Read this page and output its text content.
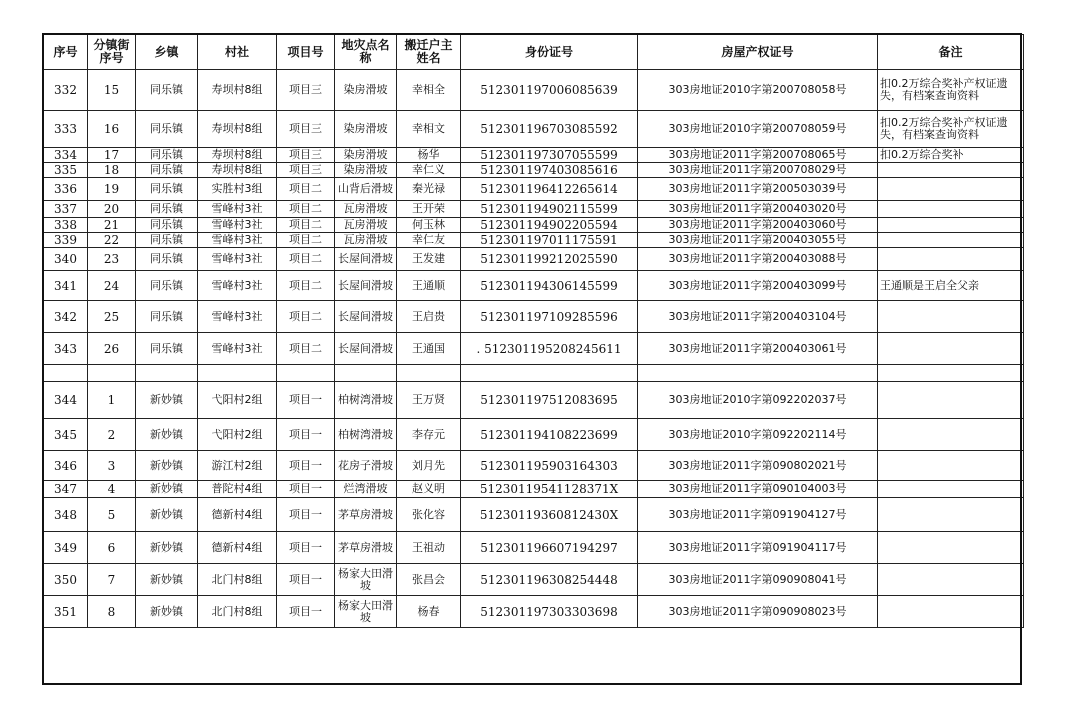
序号	分镇街序号	乡镇	村社	项目号	地灾点名称	搬迁户主姓名	身份证号	房屋产权证号	备注
332	15	同乐镇	寿坝村8组	项目三	染房滑坡	幸相全	512301197006085639	303房地证2010字第200708058号	扣0.2万综合奖补产权证遗失，有档案查询资料
333	16	同乐镇	寿坝村8组	项目三	染房滑坡	幸相文	512301196703085592	303房地证2010字第200708059号	扣0.2万综合奖补产权证遗失，有档案查询资料
334	17	同乐镇	寿坝村8组	项目三	染房滑坡	杨华	512301197307055599	303房地证2011字第200708065号	扣0.2万综合奖补
335	18	同乐镇	寿坝村8组	项目三	染房滑坡	幸仁义	512301197403085616	303房地证2011字第200708029号	
336	19	同乐镇	实胜村3组	项目二	山背后滑坡	秦光禄	512301196412265614	303房地证2011字第200503039号	
337	20	同乐镇	雪峰村3社	项目二	瓦房滑坡	王开荣	512301194902115599	303房地证2011字第200403020号	
338	21	同乐镇	雪峰村3社	项目二	瓦房滑坡	何玉林	512301194902205594	303房地证2011字第200403060号	
339	22	同乐镇	雪峰村3社	项目二	瓦房滑坡	幸仁友	512301197011175591	303房地证2011字第200403055号	
340	23	同乐镇	雪峰村3社	项目二	长屋间滑坡	王发建	512301199212025590	303房地证2011字第200403088号	
341	24	同乐镇	雪峰村3社	项目二	长屋间滑坡	王通顺	512301194306145599	303房地证2011字第200403099号	王通顺是王启全父亲
342	25	同乐镇	雪峰村3社	项目二	长屋间滑坡	王启贵	512301197109285596	303房地证2011字第200403104号	
343	26	同乐镇	雪峰村3社	项目二	长屋间滑坡	王通国	. 512301195208245611	303房地证2011字第200403061号	

344	1	新妙镇	弋阳村2组	项目一	柏树湾滑坡	王万贤	512301197512083695	303房地证2010字第092202037号	
345	2	新妙镇	弋阳村2组	项目一	柏树湾滑坡	李存元	512301194108223699	303房地证2010字第092202114号	
346	3	新妙镇	游江村2组	项目一	花房子滑坡	刘月先	512301195903164303	303房地证2011字第090802021号	
347	4	新妙镇	普陀村4组	项目一	烂湾滑坡	赵义明	51230119541128371X	303房地证2011字第090104003号	
348	5	新妙镇	德新村4组	项目一	茅草房滑坡	张化容	51230119360812430X	303房地证2011字第091904127号	
349	6	新妙镇	德新村4组	项目一	茅草房滑坡	王祖动	512301196607194297	303房地证2011字第091904117号	
350	7	新妙镇	北门村8组	项目一	杨家大田滑坡	张昌会	512301196308254448	303房地证2011字第090908041号	
351	8	新妙镇	北门村8组	项目一	杨家大田滑坡	杨春	512301197303303698	303房地证2011字第090908023号	
